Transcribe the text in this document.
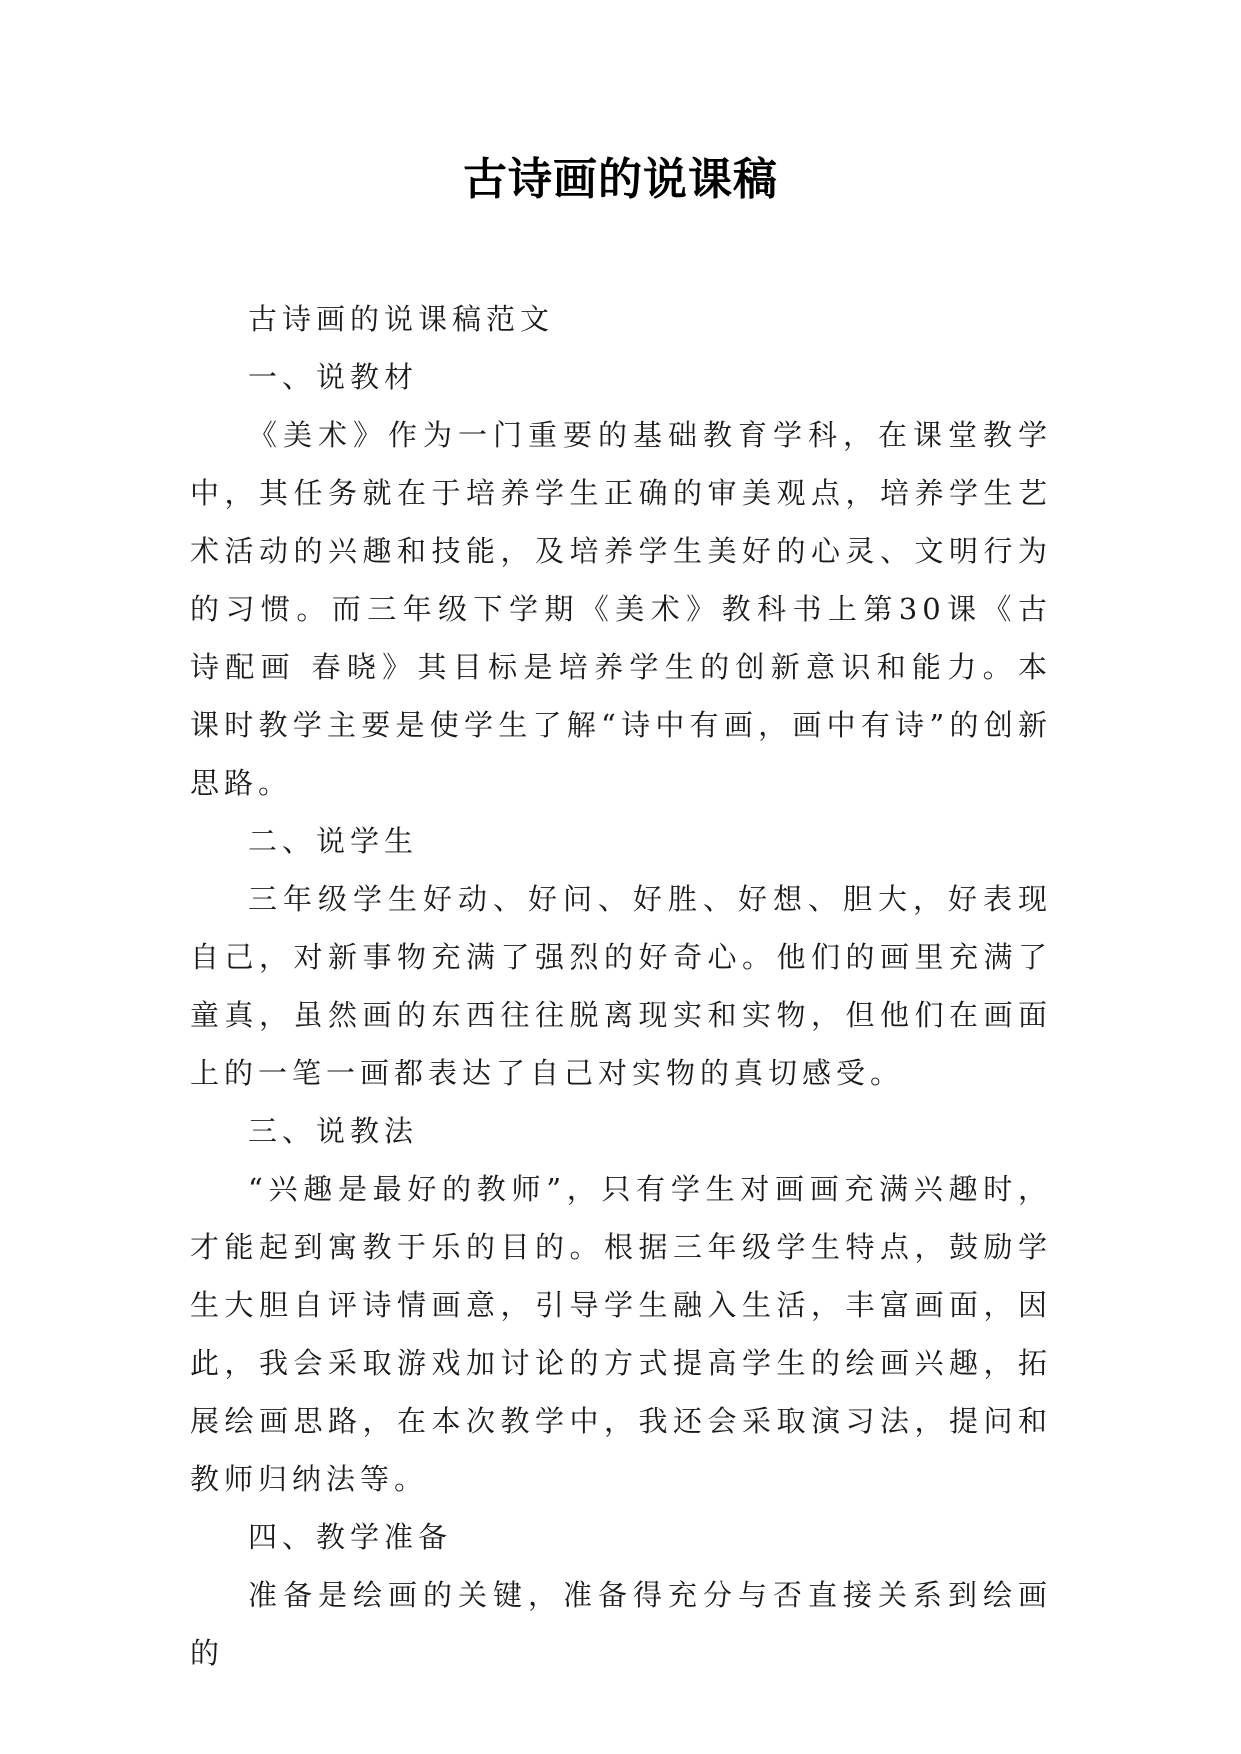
古诗画的说课稿

古诗画的说课稿范文

一、说教材

《美术》作为一门重要的基础教育学科，在课堂教学中，其任务就在于培养学生正确的审美观点，培养学生艺术活动的兴趣和技能，及培养学生美好的心灵、文明行为的习惯。而三年级下学期《美术》教科书上第30课《古诗配画 春晓》其目标是培养学生的创新意识和能力。本课时教学主要是使学生了解“诗中有画，画中有诗”的创新思路。

二、说学生

三年级学生好动、好问、好胜、好想、胆大，好表现自己，对新事物充满了强烈的好奇心。他们的画里充满了童真，虽然画的东西往往脱离现实和实物，但他们在画面上的一笔一画都表达了自己对实物的真切感受。

三、说教法

“兴趣是最好的教师”，只有学生对画画充满兴趣时，才能起到寓教于乐的目的。根据三年级学生特点，鼓励学生大胆自评诗情画意，引导学生融入生活，丰富画面，因此，我会采取游戏加讨论的方式提高学生的绘画兴趣，拓展绘画思路，在本次教学中，我还会采取演习法，提问和教师归纳法等。

四、教学准备

准备是绘画的关键，准备得充分与否直接关系到绘画的
